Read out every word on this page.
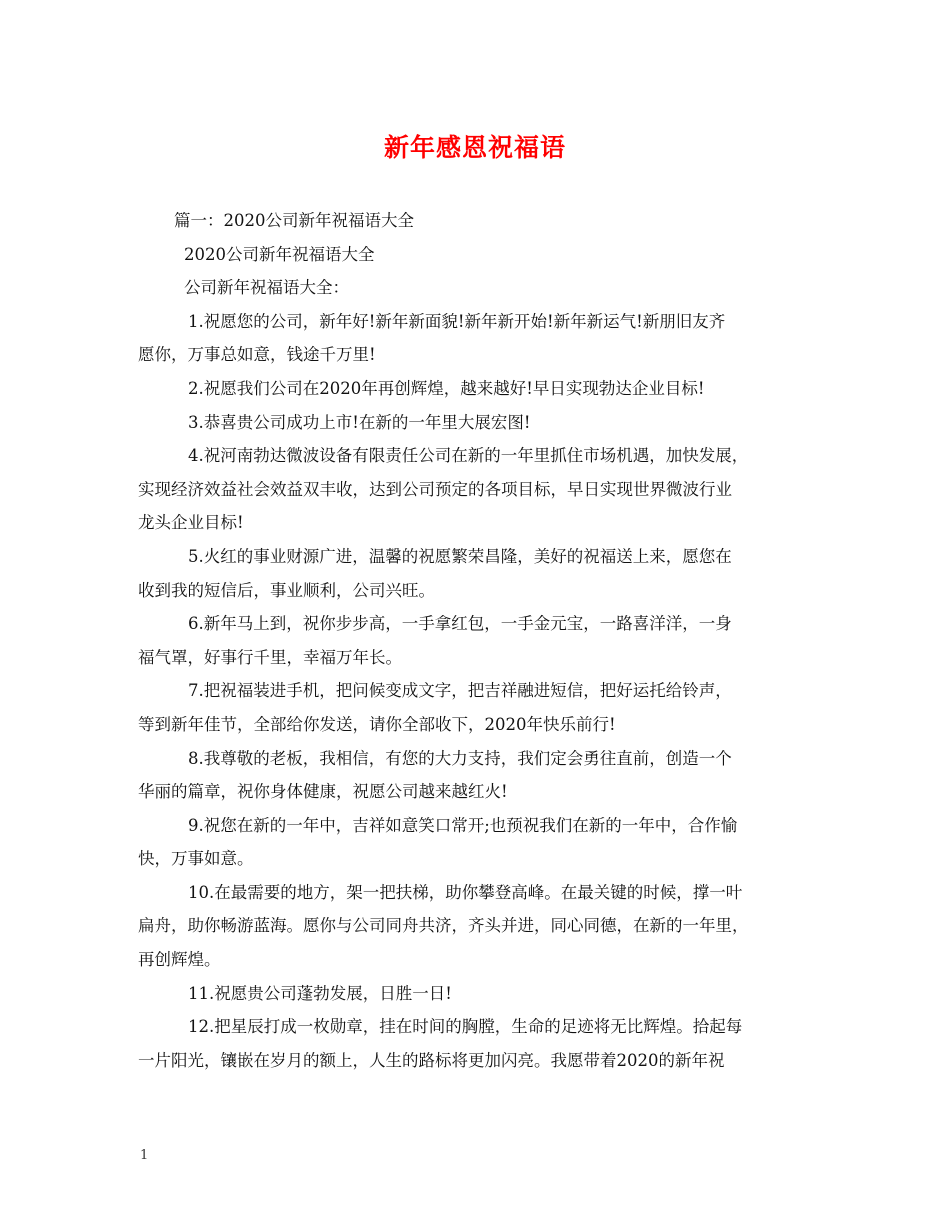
新年感恩祝福语
篇一：2020公司新年祝福语大全
2020公司新年祝福语大全
公司新年祝福语大全：
1.祝愿您的公司，新年好!新年新面貌!新年新开始!新年新运气!新朋旧友齐
愿你，万事总如意，钱途千万里!
2.祝愿我们公司在2020年再创辉煌，越来越好!早日实现勃达企业目标!
3.恭喜贵公司成功上市!在新的一年里大展宏图!
4.祝河南勃达微波设备有限责任公司在新的一年里抓住市场机遇，加快发展，
实现经济效益社会效益双丰收，达到公司预定的各项目标，早日实现世界微波行业
龙头企业目标!
5.火红的事业财源广进，温馨的祝愿繁荣昌隆，美好的祝福送上来，愿您在
收到我的短信后，事业顺利，公司兴旺。
6.新年马上到，祝你步步高，一手拿红包，一手金元宝，一路喜洋洋，一身
福气罩，好事行千里，幸福万年长。
7.把祝福装进手机，把问候变成文字，把吉祥融进短信，把好运托给铃声，
等到新年佳节，全部给你发送，请你全部收下，2020年快乐前行!
8.我尊敬的老板，我相信，有您的大力支持，我们定会勇往直前，创造一个
华丽的篇章，祝你身体健康，祝愿公司越来越红火!
9.祝您在新的一年中，吉祥如意笑口常开;也预祝我们在新的一年中，合作愉
快，万事如意。
10.在最需要的地方，架一把扶梯，助你攀登高峰。在最关键的时候，撑一叶
扁舟，助你畅游蓝海。愿你与公司同舟共济，齐头并进，同心同德，在新的一年里，
再创辉煌。
11.祝愿贵公司蓬勃发展，日胜一日!
12.把星辰打成一枚勋章，挂在时间的胸膛，生命的足迹将无比辉煌。拾起每
一片阳光，镶嵌在岁月的额上，人生的路标将更加闪亮。我愿带着2020的新年祝
1
